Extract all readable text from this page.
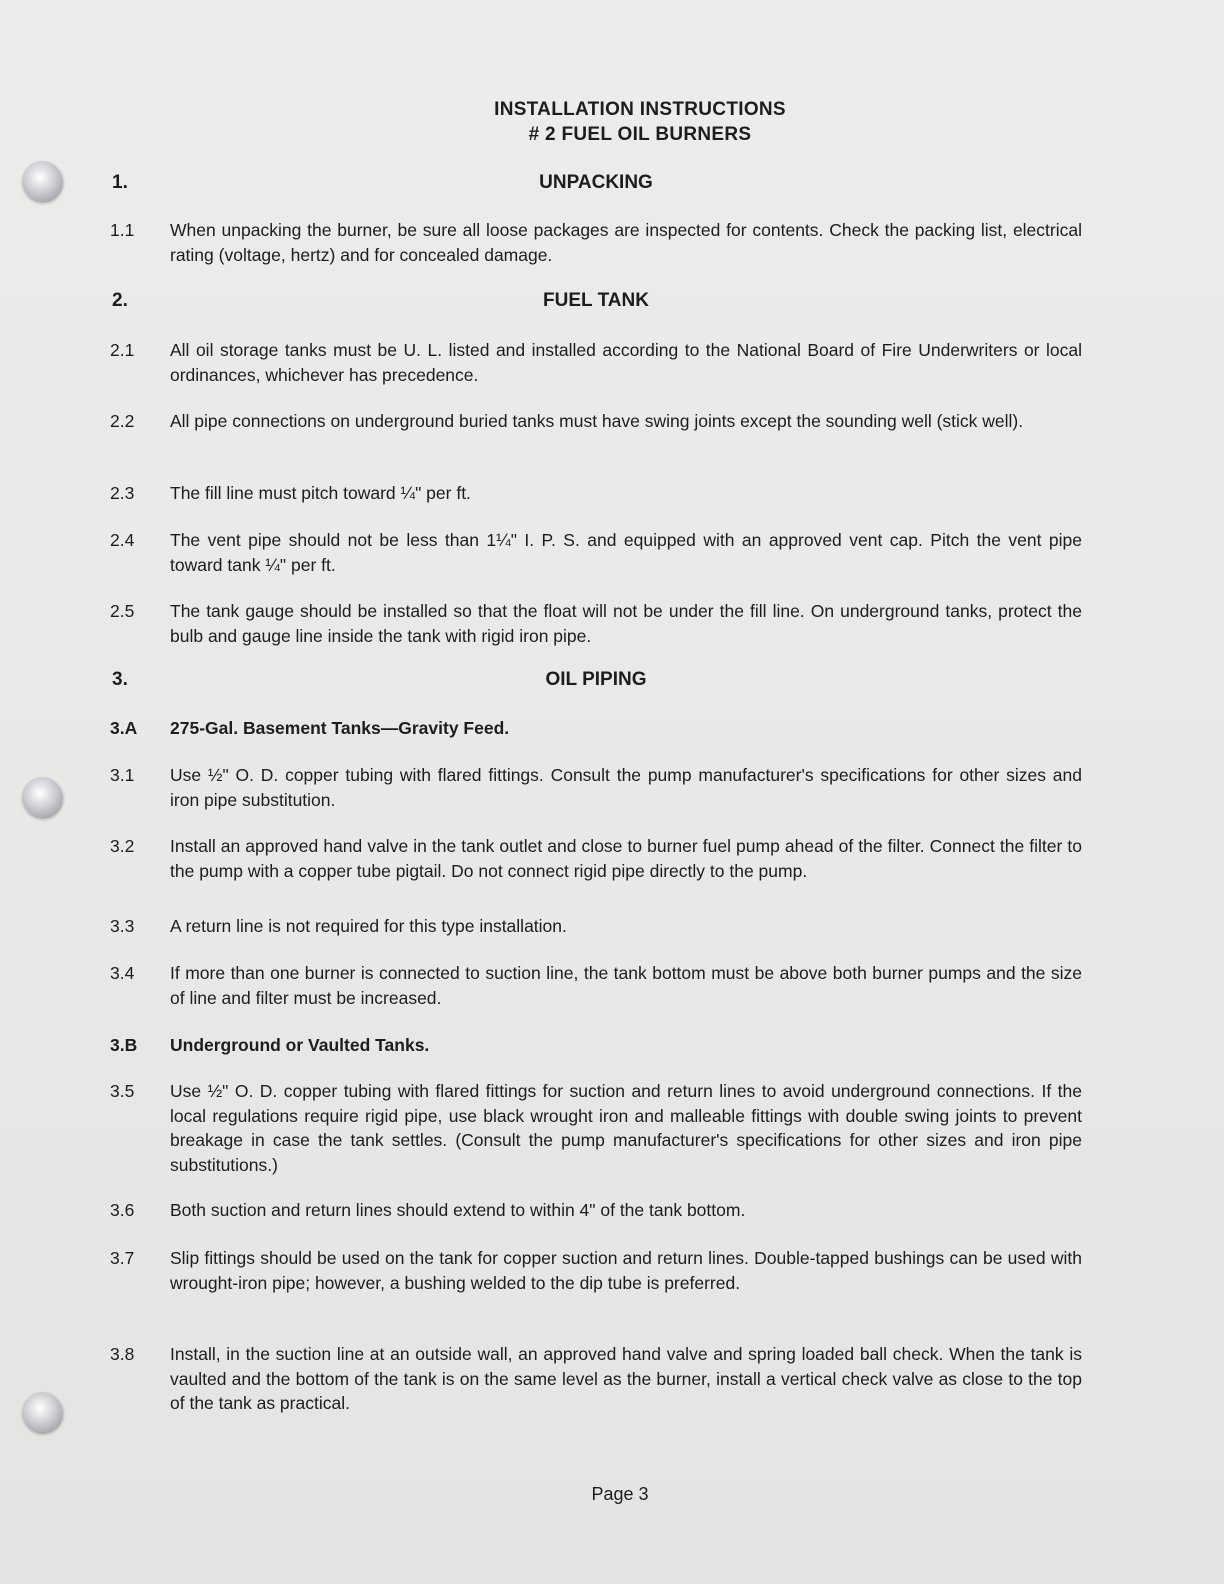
INSTALLATION INSTRUCTIONS
# 2 FUEL OIL BURNERS
1.	UNPACKING
1.1 When unpacking the burner, be sure all loose packages are inspected for contents. Check the packing list, electrical rating (voltage, hertz) and for concealed damage.
2.	FUEL TANK
2.1 All oil storage tanks must be U. L. listed and installed according to the National Board of Fire Underwriters or local ordinances, whichever has precedence.
2.2 All pipe connections on underground buried tanks must have swing joints except the sounding well (stick well).
2.3 The fill line must pitch toward ¼" per ft.
2.4 The vent pipe should not be less than 1¼" I. P. S. and equipped with an approved vent cap. Pitch the vent pipe toward tank ¼" per ft.
2.5 The tank gauge should be installed so that the float will not be under the fill line. On underground tanks, protect the bulb and gauge line inside the tank with rigid iron pipe.
3.	OIL PIPING
3.A 275-Gal. Basement Tanks—Gravity Feed.
3.1 Use ½" O. D. copper tubing with flared fittings. Consult the pump manufacturer's specifications for other sizes and iron pipe substitution.
3.2 Install an approved hand valve in the tank outlet and close to burner fuel pump ahead of the filter. Connect the filter to the pump with a copper tube pigtail. Do not connect rigid pipe directly to the pump.
3.3 A return line is not required for this type installation.
3.4 If more than one burner is connected to suction line, the tank bottom must be above both burner pumps and the size of line and filter must be increased.
3.B Underground or Vaulted Tanks.
3.5 Use ½" O. D. copper tubing with flared fittings for suction and return lines to avoid underground connections. If the local regulations require rigid pipe, use black wrought iron and malleable fittings with double swing joints to prevent breakage in case the tank settles. (Consult the pump manufacturer's specifications for other sizes and iron pipe substitutions.)
3.6 Both suction and return lines should extend to within 4" of the tank bottom.
3.7 Slip fittings should be used on the tank for copper suction and return lines. Double-tapped bushings can be used with wrought-iron pipe; however, a bushing welded to the dip tube is preferred.
3.8 Install, in the suction line at an outside wall, an approved hand valve and spring loaded ball check. When the tank is vaulted and the bottom of the tank is on the same level as the burner, install a vertical check valve as close to the top of the tank as practical.
Page 3
